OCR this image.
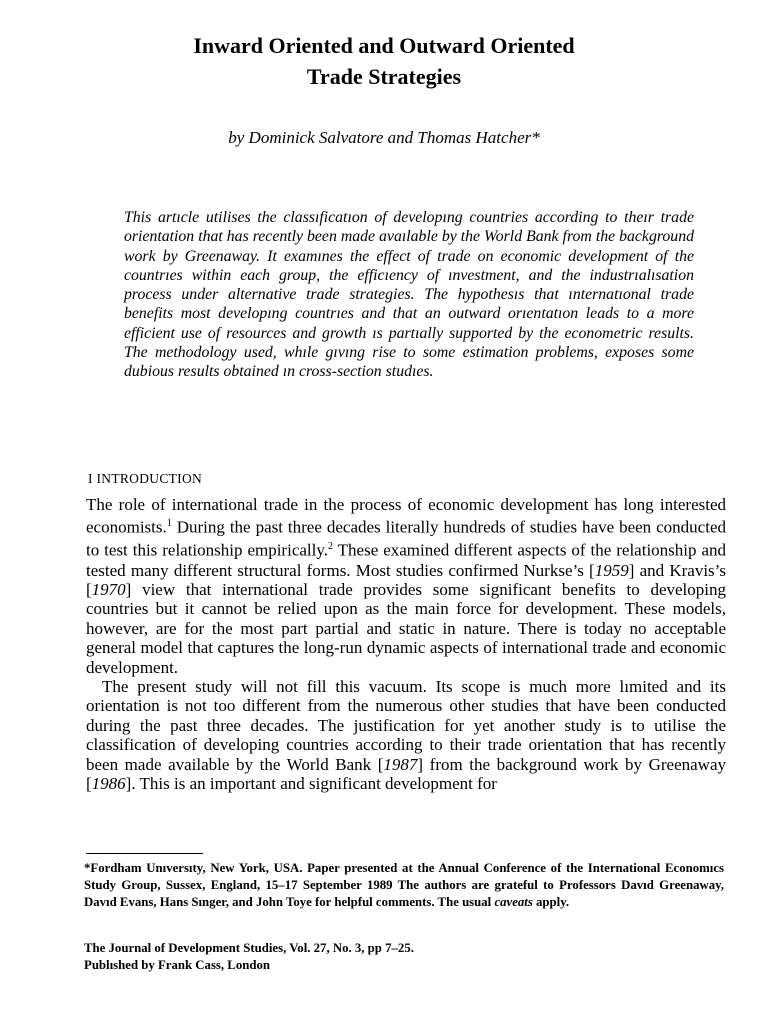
Inward Oriented and Outward Oriented
Trade Strategies
by Dominick Salvatore and Thomas Hatcher*
This artıcle utilises the classıficatıon of developıng countries according to theır trade orientation that has recently been made avaılable by the World Bank from the background work by Greenaway. It examınes the effect of trade on economic development of the countrıes within each group, the efficıency of ınvestment, and the industrıalısation process under alternative trade strategies. The hypothesıs that ınternatıonal trade benefits most developıng countrıes and that an outward orıentatıon leads to a more efficient use of resources and growth ıs partıally supported by the econometric results. The methodology used, whıle gıvıng rise to some estimation problems, exposes some dubious results obtained ın cross-section studıes.
I INTRODUCTION

The role of international trade in the process of economic development has long interested economists.$^1$ During the past three decades literally hundreds of studies have been conducted to test this relationship empirically.$^2$ These examined different aspects of the relationship and tested many different structural forms. Most studies confirmed Nurkse’s [1959] and Kravis’s [1970] view that international trade provides some significant benefits to developing countries but it cannot be relied upon as the main force for development. These models, however, are for the most part partial and static in nature. There is today no acceptable general model that captures the long-run dynamic aspects of international trade and economic development.

The present study will not fill this vacuum. Its scope is much more lımited and its orientation is not too different from the numerous other studies that have been conducted during the past three decades. The justification for yet another study is to utilise the classification of developing countries according to their trade orientation that has recently been made available by the World Bank [1987] from the background work by Greenaway [1986]. This is an important and significant development for

*Fordham Unıversıty, New York, USA. Paper presented at the Annual Conference of the International Economıcs Study Group, Sussex, England, 15–17 September 1989 The authors are grateful to Professors Davıd Greenaway, Davıd Evans, Hans Sınger, and John Toye for helpful comments. The usual caveats apply.
The Journal of Development Studies, Vol. 27, No. 3, pp 7–25.
Publıshed by Frank Cass, London
